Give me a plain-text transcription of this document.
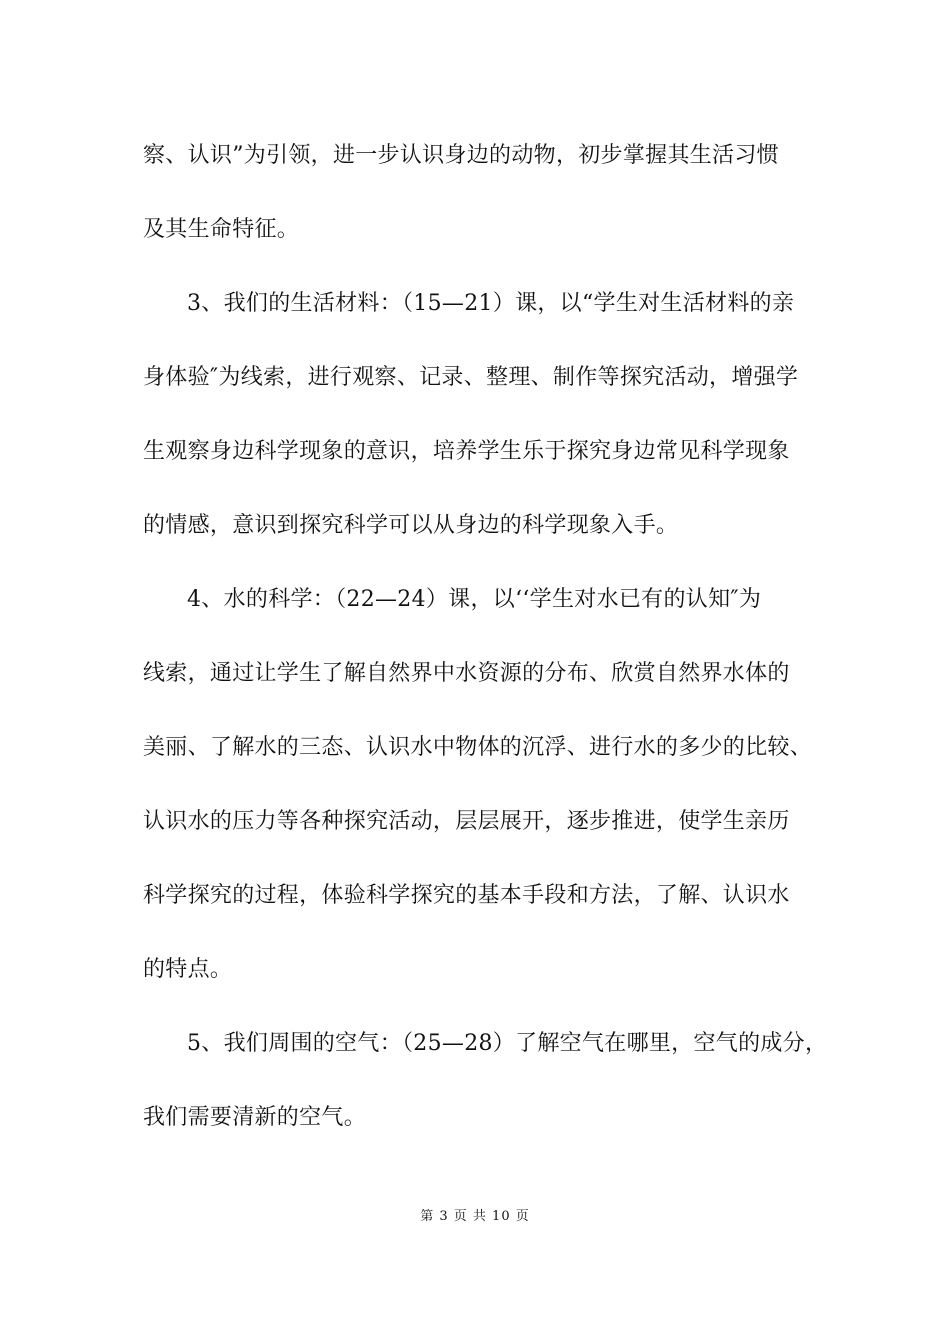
察、认识”为引领，进一步认识身边的动物，初步掌握其生活习惯
及其生命特征。
3、我们的生活材料：（15—21）课，以“学生对生活材料的亲
身体验″为线索，进行观察、记录、整理、制作等探究活动，增强学
生观察身边科学现象的意识，培养学生乐于探究身边常见科学现象
的情感，意识到探究科学可以从身边的科学现象入手。
4、水的科学：（22—24）课，以‘‘学生对水已有的认知″为
线索，通过让学生了解自然界中水资源的分布、欣赏自然界水体的
美丽、了解水的三态、认识水中物体的沉浮、进行水的多少的比较、
认识水的压力等各种探究活动，层层展开，逐步推进，使学生亲历
科学探究的过程，体验科学探究的基本手段和方法，了解、认识水
的特点。
5、我们周围的空气：（25—28）了解空气在哪里，空气的成分，
我们需要清新的空气。
第 3 页 共 10 页
